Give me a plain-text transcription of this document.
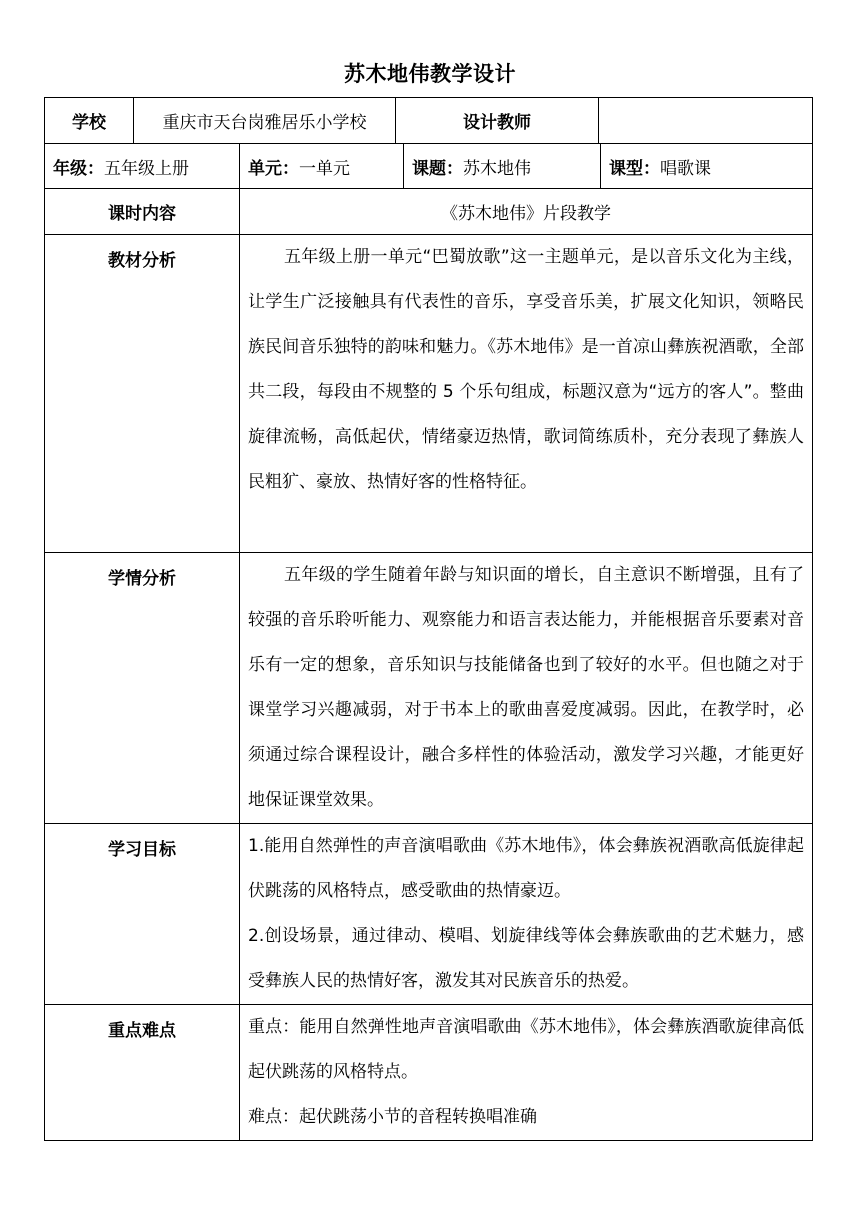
苏木地伟教学设计
学校	重庆市天台岗雅居乐小学校	设计教师
年级： 五年级上册	单元： 一单元	课题： 苏木地伟	课型： 唱歌课
课时内容	《苏木地伟》片段教学
教材分析	五年级上册一单元“巴蜀放歌”这一主题单元，是以音乐文化为主线，让学生广泛接触具有代表性的音乐，享受音乐美，扩展文化知识，领略民族民间音乐独特的韵味和魅力。《苏木地伟》是一首凉山彝族祝酒歌，全部共二段，每段由不规整的 5 个乐句组成，标题汉意为“远方的客人”。整曲旋律流畅，高低起伏，情绪豪迈热情，歌词简练质朴，充分表现了彝族人民粗犷、豪放、热情好客的性格特征。

学情分析	五年级的学生随着年龄与知识面的增长，自主意识不断增强，且有了较强的音乐聆听能力、观察能力和语言表达能力，并能根据音乐要素对音乐有一定的想象，音乐知识与技能储备也到了较好的水平。但也随之对于课堂学习兴趣减弱，对于书本上的歌曲喜爱度减弱。因此，在教学时，必须通过综合课程设计，融合多样性的体验活动，激发学习兴趣，才能更好地保证课堂效果。

学习目标	1.能用自然弹性的声音演唱歌曲《苏木地伟》，体会彝族祝酒歌高低旋律起伏跳荡的风格特点，感受歌曲的热情豪迈。

2.创设场景，通过律动、模唱、划旋律线等体会彝族歌曲的艺术魅力，感受彝族人民的热情好客，激发其对民族音乐的热爱。

重点难点	重点：能用自然弹性地声音演唱歌曲《苏木地伟》，体会彝族酒歌旋律高低起伏跳荡的风格特点。

难点：起伏跳荡小节的音程转换唱准确
